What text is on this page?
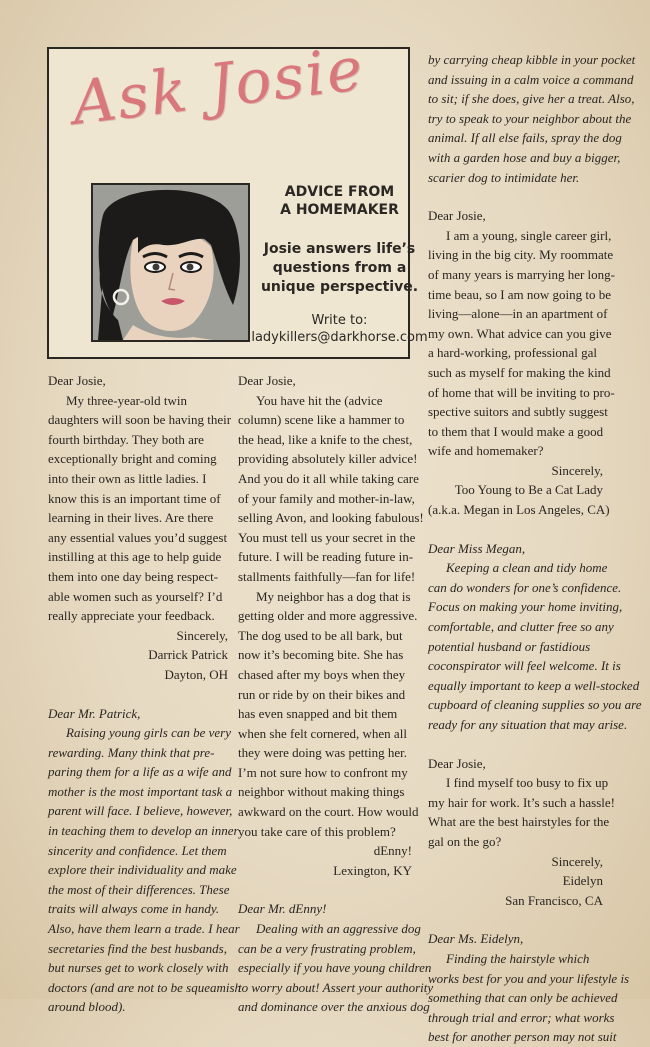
Ask Josie
ADVICE FROM
A HOMEMAKER
Josie answers life’s questions from a unique perspective.
Write to:
ladykillers@darkhorse.com

Dear Josie,

My three-year-old twin
daughters will soon be having their
fourth birthday. They both are
exceptionally bright and coming
into their own as little ladies. I
know this is an important time of
learning in their lives. Are there
any essential values you’d suggest
instilling at this age to help guide
them into one day being respect-
able women such as yourself? I’d
really appreciate your feedback.

Sincerely,
Darrick Patrick
Dayton, OH

Dear Mr. Patrick,

Raising young girls can be very
rewarding. Many think that pre-
paring them for a life as a wife and
mother is the most important task a
parent will face. I believe, however,
in teaching them to develop an inner
sincerity and confidence. Let them
explore their individuality and make
the most of their differences. These
traits will always come in handy.
Also, have them learn a trade. I hear
secretaries find the best husbands,
but nurses get to work closely with
doctors (and are not to be squeamish
around blood).

Dear Josie,

You have hit the (advice
column) scene like a hammer to
the head, like a knife to the chest,
providing absolutely killer advice!
And you do it all while taking care
of your family and mother-in-law,
selling Avon, and looking fabulous!
You must tell us your secret in the
future. I will be reading future in-
stallments faithfully—fan for life!

My neighbor has a dog that is
getting older and more aggressive.
The dog used to be all bark, but
now it’s becoming bite. She has
chased after my boys when they
run or ride by on their bikes and
has even snapped and bit them
when she felt cornered, when all
they were doing was petting her.
I’m not sure how to confront my
neighbor without making things
awkward on the court. How would
you take care of this problem?

dEnny!
Lexington, KY

Dear Mr. dEnny!

Dealing with an aggressive dog
can be a very frustrating problem,
especially if you have young children
to worry about! Assert your authority
and dominance over the anxious dog

by carrying cheap kibble in your pocket
and issuing in a calm voice a command
to sit; if she does, give her a treat. Also,
try to speak to your neighbor about the
animal. If all else fails, spray the dog
with a garden hose and buy a bigger,
scarier dog to intimidate her.

Dear Josie,

I am a young, single career girl,
living in the big city. My roommate
of many years is marrying her long-
time beau, so I am now going to be
living—alone—in an apartment of
my own. What advice can you give
a hard-working, professional gal
such as myself for making the kind
of home that will be inviting to pro-
spective suitors and subtly suggest
to them that I would make a good
wife and homemaker?

Sincerely,
Too Young to Be a Cat Lady
(a.k.a. Megan in Los Angeles, CA)

Dear Miss Megan,

Keeping a clean and tidy home
can do wonders for one’s confidence.
Focus on making your home inviting,
comfortable, and clutter free so any
potential husband or fastidious
coconspirator will feel welcome. It is
equally important to keep a well-stocked
cupboard of cleaning supplies so you are
ready for any situation that may arise.

Dear Josie,

I find myself too busy to fix up
my hair for work. It’s such a hassle!
What are the best hairstyles for the
gal on the go?

Sincerely,
Eidelyn
San Francisco, CA

Dear Ms. Eidelyn,

Finding the hairstyle which
works best for you and your lifestyle is
something that can only be achieved
through trial and error; what works
best for another person may not suit
